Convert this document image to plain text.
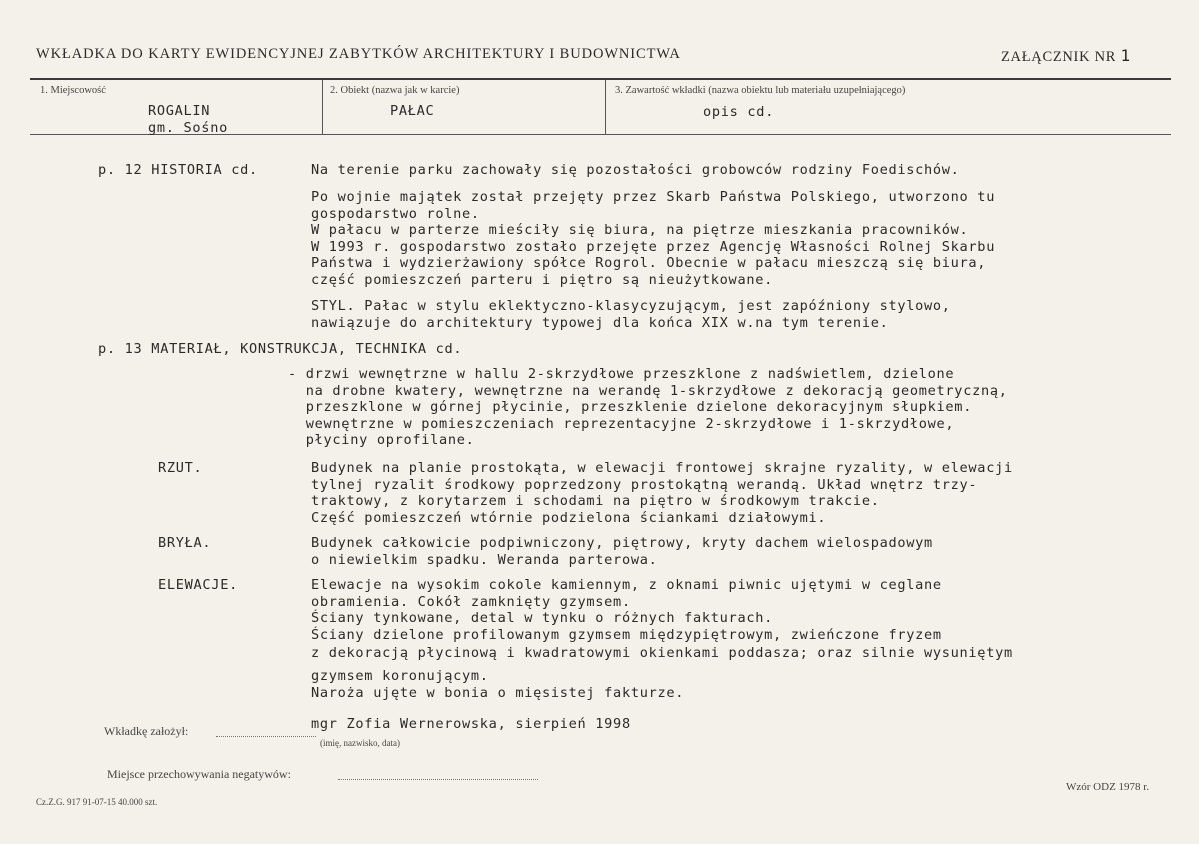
WKŁADKA DO KARTY EWIDENCYJNEJ ZABYTKÓW ARCHITEKTURY I BUDOWNICTWA	ZAŁĄCZNIK NR 1
1. Miejscowość
ROGALIN
gm. Sośno
2. Obiekt (nazwa jak w karcie)
PAŁAC
3. Zawartość wkładki (nazwa obiektu lub materiału uzupełniającego)
opis cd.
p. 12 HISTORIA cd.	Na terenie parku zachowały się pozostałości grobowców rodziny Foedischów.
Po wojnie majątek został przejęty przez Skarb Państwa Polskiego, utworzono tu
gospodarstwo rolne.
W pałacu w parterze mieściły się biura, na piętrze mieszkania pracowników.
W 1993 r. gospodarstwo zostało przejęte przez Agencję Własności Rolnej Skarbu
Państwa i wydzierżawiony spółce Rogrol. Obecnie w pałacu mieszczą się biura,
część pomieszczeń parteru i piętro są nieużytkowane.
STYL. Pałac w stylu eklektyczno-klasycyzującym, jest zapóźniony stylowo,
nawiązuje do architektury typowej dla końca XIX w.na tym terenie.
p. 13 MATERIAŁ, KONSTRUKCJA, TECHNIKA cd.
- drzwi wewnętrzne w hallu 2-skrzydłowe przeszklone z nadświetlem, dzielone
na drobne kwatery, wewnętrzne na werandę 1-skrzydłowe z dekoracją geometryczną,
przeszklone w górnej płycinie, przeszklenie dzielone dekoracyjnym słupkiem.
wewnętrzne w pomieszczeniach reprezentacyjne 2-skrzydłowe i 1-skrzydłowe,
płyciny oprofilane.
RZUT.	Budynek na planie prostokąta, w elewacji frontowej skrajne ryzality, w elewacji
tylnej ryzalit środkowy poprzedzony prostokątną werandą. Układ wnętrz trzy-
traktowy, z korytarzem i schodami na piętro w środkowym trakcie.
Część pomieszczeń wtórnie podzielona ściankami działowymi.
BRYŁA.	Budynek całkowicie podpiwniczony, piętrowy, kryty dachem wielospadowym
o niewielkim spadku. Weranda parterowa.
ELEWACJE.	Elewacje na wysokim cokole kamiennym, z oknami piwnic ujętymi w ceglane
obramienia. Cokół zamknięty gzymsem.
Ściany tynkowane, detal w tynku o różnych fakturach.
Ściany dzielone profilowanym gzymsem międzypiętrowym, zwieńczone fryzem
z dekoracją płycinową i kwadratowymi okienkami poddasza; oraz silnie wysuniętym
gzymsem koronującym.
Naroża ujęte w bonia o mięsistej fakturze.
Wkładkę założył:	mgr Zofia Wernerowska, sierpień 1998
(imię, nazwisko, data)
Miejsce przechowywania negatywów:
Cz.Z.G. 917 91-07-15 40.000 szt.
Wzór ODZ 1978 r.
